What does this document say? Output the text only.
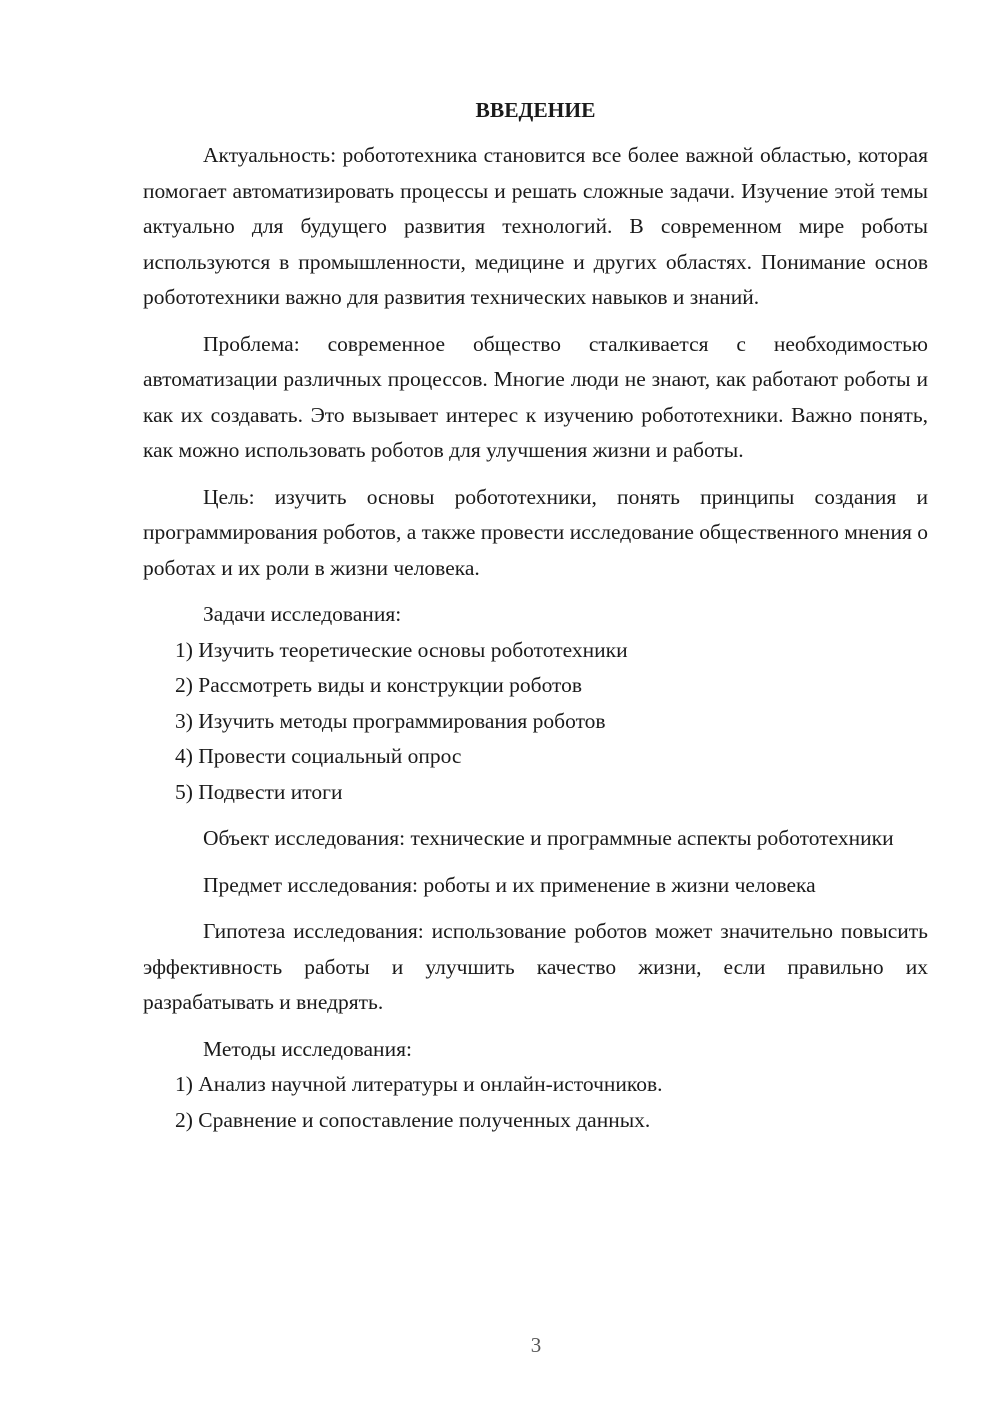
ВВЕДЕНИЕ

Актуальность: робототехника становится все более важной областью, которая помогает автоматизировать процессы и решать сложные задачи. Изучение этой темы актуально для будущего развития технологий. В современном мире роботы используются в промышленности, медицине и других областях. Понимание основ робототехники важно для развития технических навыков и знаний.

Проблема: современное общество сталкивается с необходимостью автоматизации различных процессов. Многие люди не знают, как работают роботы и как их создавать. Это вызывает интерес к изучению робототехники. Важно понять, как можно использовать роботов для улучшения жизни и работы.

Цель: изучить основы робототехники, понять принципы создания и программирования роботов, а также провести исследование общественного мнения о роботах и их роли в жизни человека.

Задачи исследования:

1) Изучить теоретические основы робототехники

2) Рассмотреть виды и конструкции роботов

3) Изучить методы программирования роботов

4) Провести социальный опрос

5) Подвести итоги

Объект исследования: технические и программные аспекты робототехники

Предмет исследования: роботы и их применение в жизни человека

Гипотеза исследования: использование роботов может значительно повысить эффективность работы и улучшить качество жизни, если правильно их разрабатывать и внедрять.

Методы исследования:

1) Анализ научной литературы и онлайн-источников.

2) Сравнение и сопоставление полученных данных.

3
